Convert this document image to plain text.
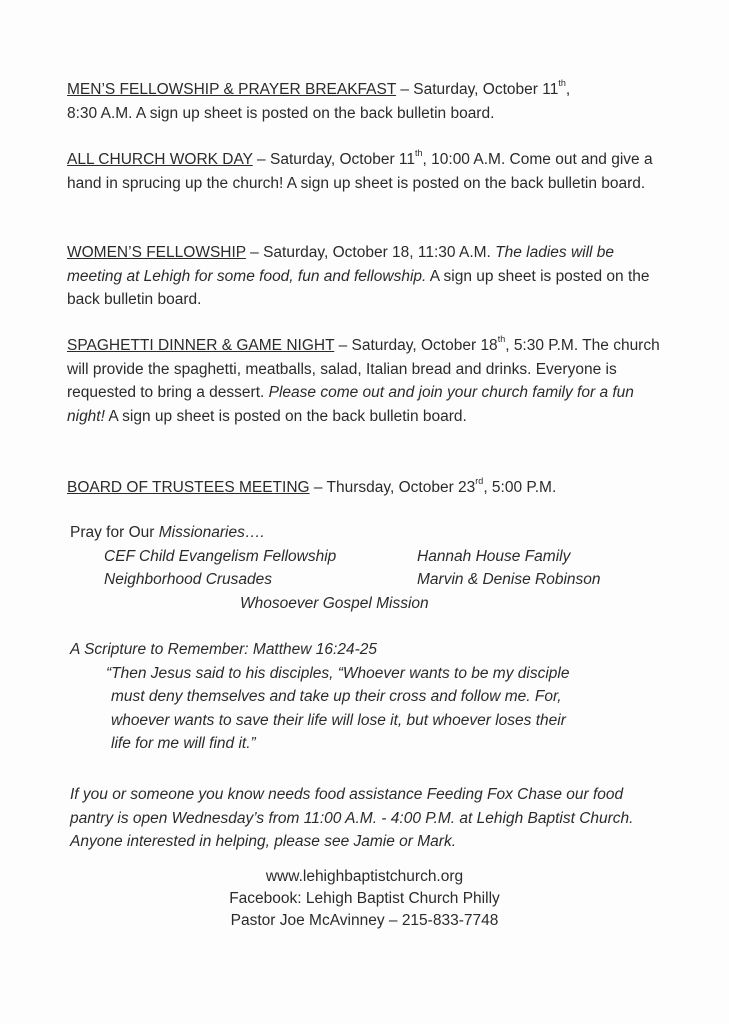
MEN’S FELLOWSHIP & PRAYER BREAKFAST – Saturday, October 11th,
8:30 A.M. A sign up sheet is posted on the back bulletin board.
ALL CHURCH WORK DAY – Saturday, October 11th, 10:00 A.M. Come out and give a hand in sprucing up the church! A sign up sheet is posted on the back bulletin board.
WOMEN’S FELLOWSHIP – Saturday, October 18, 11:30 A.M. The ladies will be meeting at Lehigh for some food, fun and fellowship. A sign up sheet is posted on the back bulletin board.
SPAGHETTI DINNER & GAME NIGHT – Saturday, October 18th, 5:30 P.M. The church will provide the spaghetti, meatballs, salad, Italian bread and drinks. Everyone is requested to bring a dessert. Please come out and join your church family for a fun night! A sign up sheet is posted on the back bulletin board.
BOARD OF TRUSTEES MEETING – Thursday, October 23rd, 5:00 P.M.
Pray for Our Missionaries….
CEF Child Evangelism Fellowship	Hannah House Family
Neighborhood Crusades	Marvin & Denise Robinson
Whosoever Gospel Mission
A Scripture to Remember: Matthew 16:24-25
“Then Jesus said to his disciples, “Whoever wants to be my disciple
must deny themselves and take up their cross and follow me. For,
whoever wants to save their life will lose it, but whoever loses their
life for me will find it.”
If you or someone you know needs food assistance Feeding Fox Chase our food pantry is open Wednesday’s from 11:00 A.M. - 4:00 P.M. at Lehigh Baptist Church. Anyone interested in helping, please see Jamie or Mark.
www.lehighbaptistchurch.org
Facebook: Lehigh Baptist Church Philly
Pastor Joe McAvinney – 215-833-7748
